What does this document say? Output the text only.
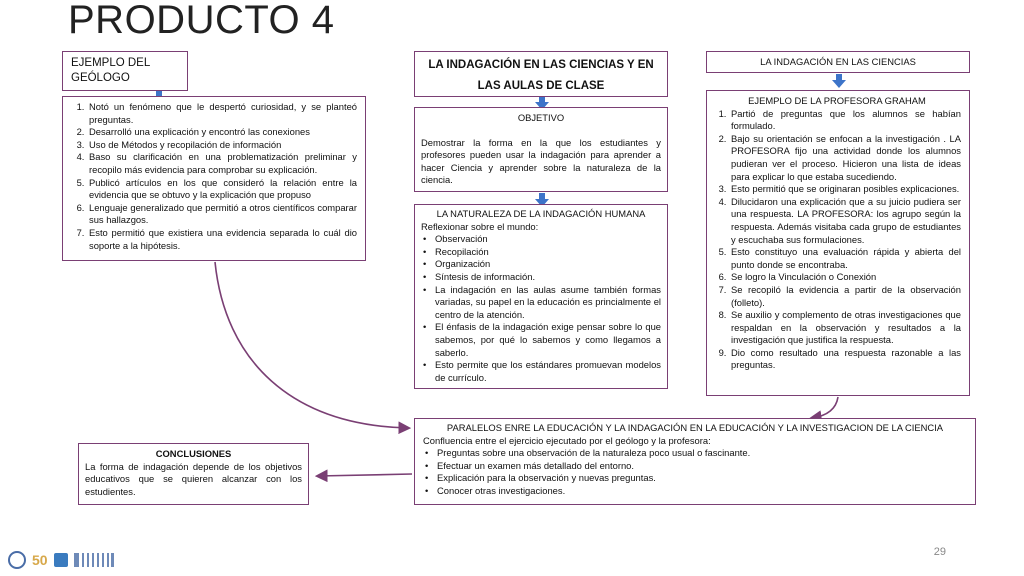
PRODUCTO 4
EJEMPLO DEL GEÓLOGO
1. Notó un fenómeno que le despertó curiosidad, y se planteó preguntas.
2. Desarrolló una explicación y encontró las conexiones
3. Uso de Métodos y recopilación de información
4. Baso su clarificación en una problematización preliminar y recopilo más evidencia para comprobar su explicación.
5. Publicó artículos en los que consideró la relación entre la evidencia que se obtuvo y la explicación que propuso
6. Lenguaje generalizado que permitió a otros científicos comparar sus hallazgos.
7. Esto permitió que existiera una evidencia separada lo cuál dio soporte a la hipótesis.
LA INDAGACIÓN EN LAS CIENCIAS Y EN LAS AULAS DE CLASE
OBJETIVO
Demostrar la forma en la que los estudiantes y profesores pueden usar la indagación para aprender a hacer Ciencia y aprender sobre la naturaleza de la ciencia.
LA NATURALEZA DE LA INDAGACIÓN HUMANA
Reflexionar sobre el mundo:
• Observación
• Recopilación
• Organización
• Síntesis de información.
• La indagación en las aulas asume también formas variadas, su papel en la educación es princialmente el centro de la atención.
• El énfasis de la indagación exige pensar sobre lo que sabemos, por qué lo sabemos y como llegamos a saberlo.
• Esto permite que los estándares promuevan modelos de currículo.
LA INDAGACIÓN EN LAS CIENCIAS
EJEMPLO DE LA PROFESORA GRAHAM
1. Partió de preguntas que los alumnos se habían formulado.
2. Bajo su orientación se enfocan a la investigación . LA PROFESORA fijo una actividad donde los alumnos pudieran ver el proceso. Hicieron una lista de ideas para explicar lo que estaba sucediendo.
3. Esto permitió que se originaran posibles explicaciones.
4. Dilucidaron una explicación que a su juicio pudiera ser una respuesta. LA PROFESORA: los agrupo según la respuesta. Además visitaba cada grupo de estudiantes y escuchaba sus formulaciones.
5. Esto constituyo una evaluación rápida y abierta del punto donde se encontraba.
6. Se logro la Vinculación o Conexión
7. Se recopiló la evidencia a partir de la observación (folleto).
8. Se auxilio y complemento de otras investigaciones que respaldan en la observación y resultados a la investigación que justifica la respuesta.
9. Dio como resultado una respuesta razonable a las preguntas.
PARALELOS ENRE LA EDUCACIÓN Y LA INDAGACIÓN EN LA EDUCACIÓN Y LA INVESTIGACION DE LA CIENCIA
Confluencia entre el ejercicio ejecutado por el geólogo y la profesora:
• Preguntas sobre una observación de la naturaleza poco usual o fascinante.
• Efectuar un examen más detallado del entorno.
• Explicación para la observación y nuevas preguntas.
• Conocer otras investigaciones.
CONCLUSIONES
La forma de indagación depende de los objetivos educativos que se quieren alcanzar con los estudientes.
50	29
